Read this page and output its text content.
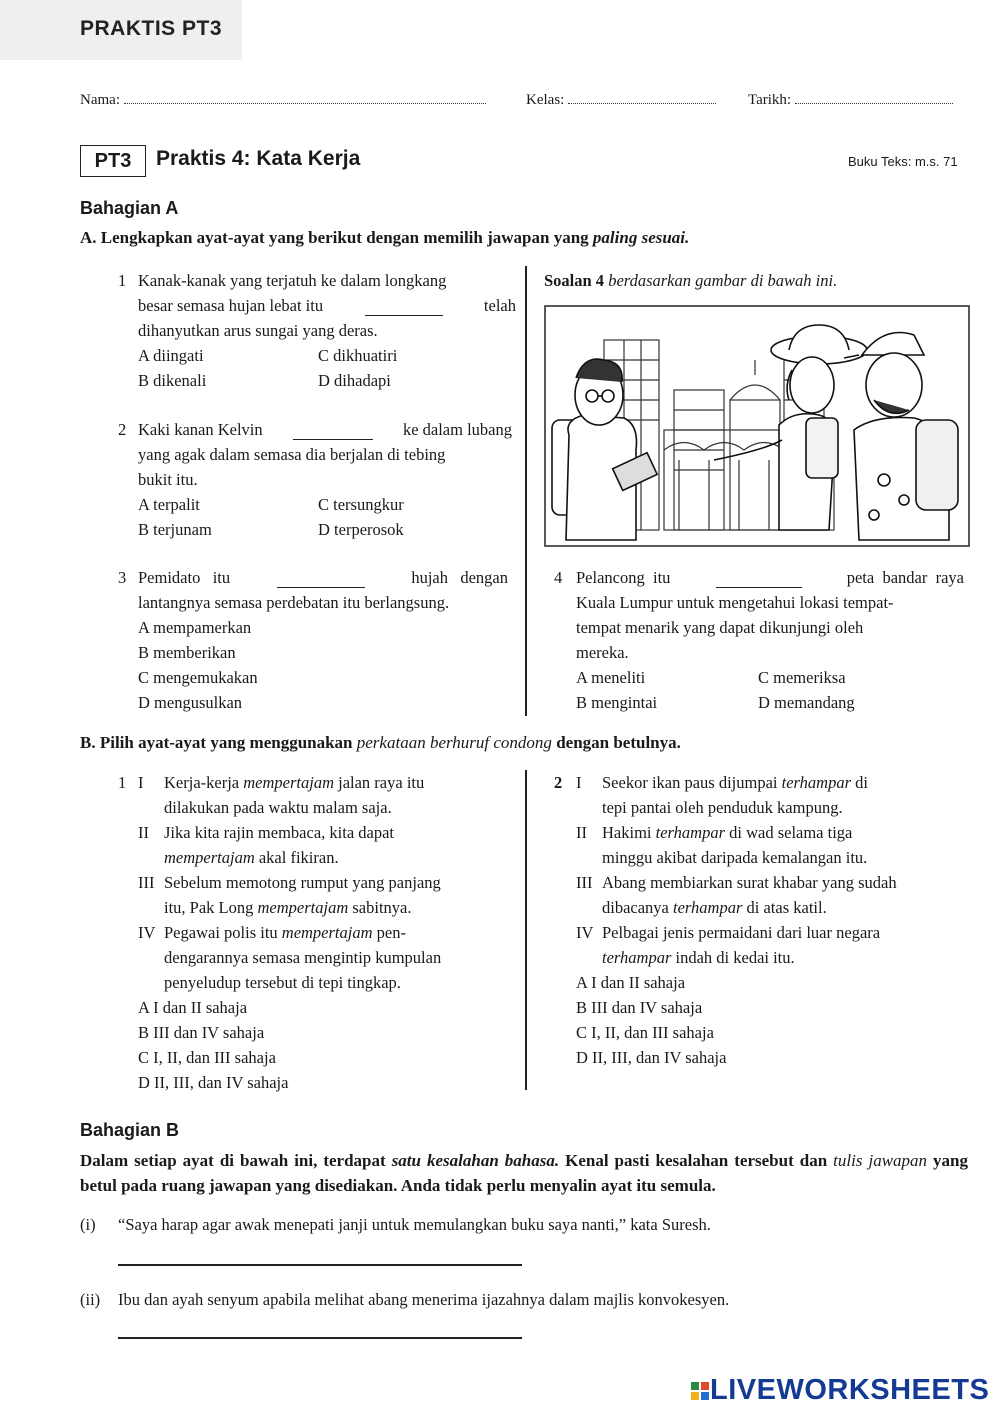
PRAKTIS PT3
Nama:	Kelas:	Tarikh:
PT3	Praktis 4: Kata Kerja	Buku Teks: m.s. 71
Bahagian A
A. Lengkapkan ayat-ayat yang berikut dengan memilih jawapan yang paling sesuai.
1 Kanak-kanak yang terjatuh ke dalam longkang
besar semasa hujan lebat itu	telah
dihanyutkan arus sungai yang deras.
A diingati	C dikhuatiri
B dikenali	D dihadapi
2 Kaki kanan Kelvin	ke dalam lubang
yang agak dalam semasa dia berjalan di tebing
bukit itu.
A terpalit	C tersungkur
B terjunam	D terperosok
3 Pemidato   itu	hujah   dengan
lantangnya semasa perdebatan itu berlangsung.
A mempamerkan
B memberikan
C mengemukakan
D mengusulkan
Soalan 4 berdasarkan gambar di bawah ini.
4 Pelancong  itu	peta  bandar  raya
Kuala Lumpur untuk mengetahui lokasi tempat-
tempat menarik yang dapat dikunjungi oleh
mereka.
A meneliti	C memeriksa
B mengintai	D memandang
B. Pilih ayat-ayat yang menggunakan perkataan berhuruf condong dengan betulnya.
1 I	Kerja-kerja mempertajam jalan raya itu
dilakukan pada waktu malam saja.
II Jika kita rajin membaca, kita dapat
mempertajam akal fikiran.
III Sebelum memotong rumput yang panjang
itu, Pak Long mempertajam sabitnya.
IV Pegawai polis itu mempertajam pen-
dengarannya semasa mengintip kumpulan
penyeludup tersebut di tepi tingkap.
A I dan II sahaja
B III dan IV sahaja
C I, II, dan III sahaja
D II, III, dan IV sahaja
2 I	Seekor ikan paus dijumpai terhampar di
tepi pantai oleh penduduk kampung.
II Hakimi terhampar di wad selama tiga
minggu akibat daripada kemalangan itu.
III Abang membiarkan surat khabar yang sudah
dibacanya terhampar di atas katil.
IV Pelbagai jenis permaidani dari luar negara
terhampar indah di kedai itu.
A I dan II sahaja
B III dan IV sahaja
C I, II, dan III sahaja
D II, III, dan IV sahaja
Bahagian B
Dalam setiap ayat di bawah ini, terdapat satu kesalahan bahasa. Kenal pasti kesalahan tersebut dan tulis jawapan yang betul pada ruang jawapan yang disediakan. Anda tidak perlu menyalin ayat itu semula.
(i) “Saya harap agar awak menepati janji untuk memulangkan buku saya nanti,” kata Suresh.
(ii) Ibu dan ayah senyum apabila melihat abang menerima ijazahnya dalam majlis konvokesyen.

LIVEWORKSHEETS
